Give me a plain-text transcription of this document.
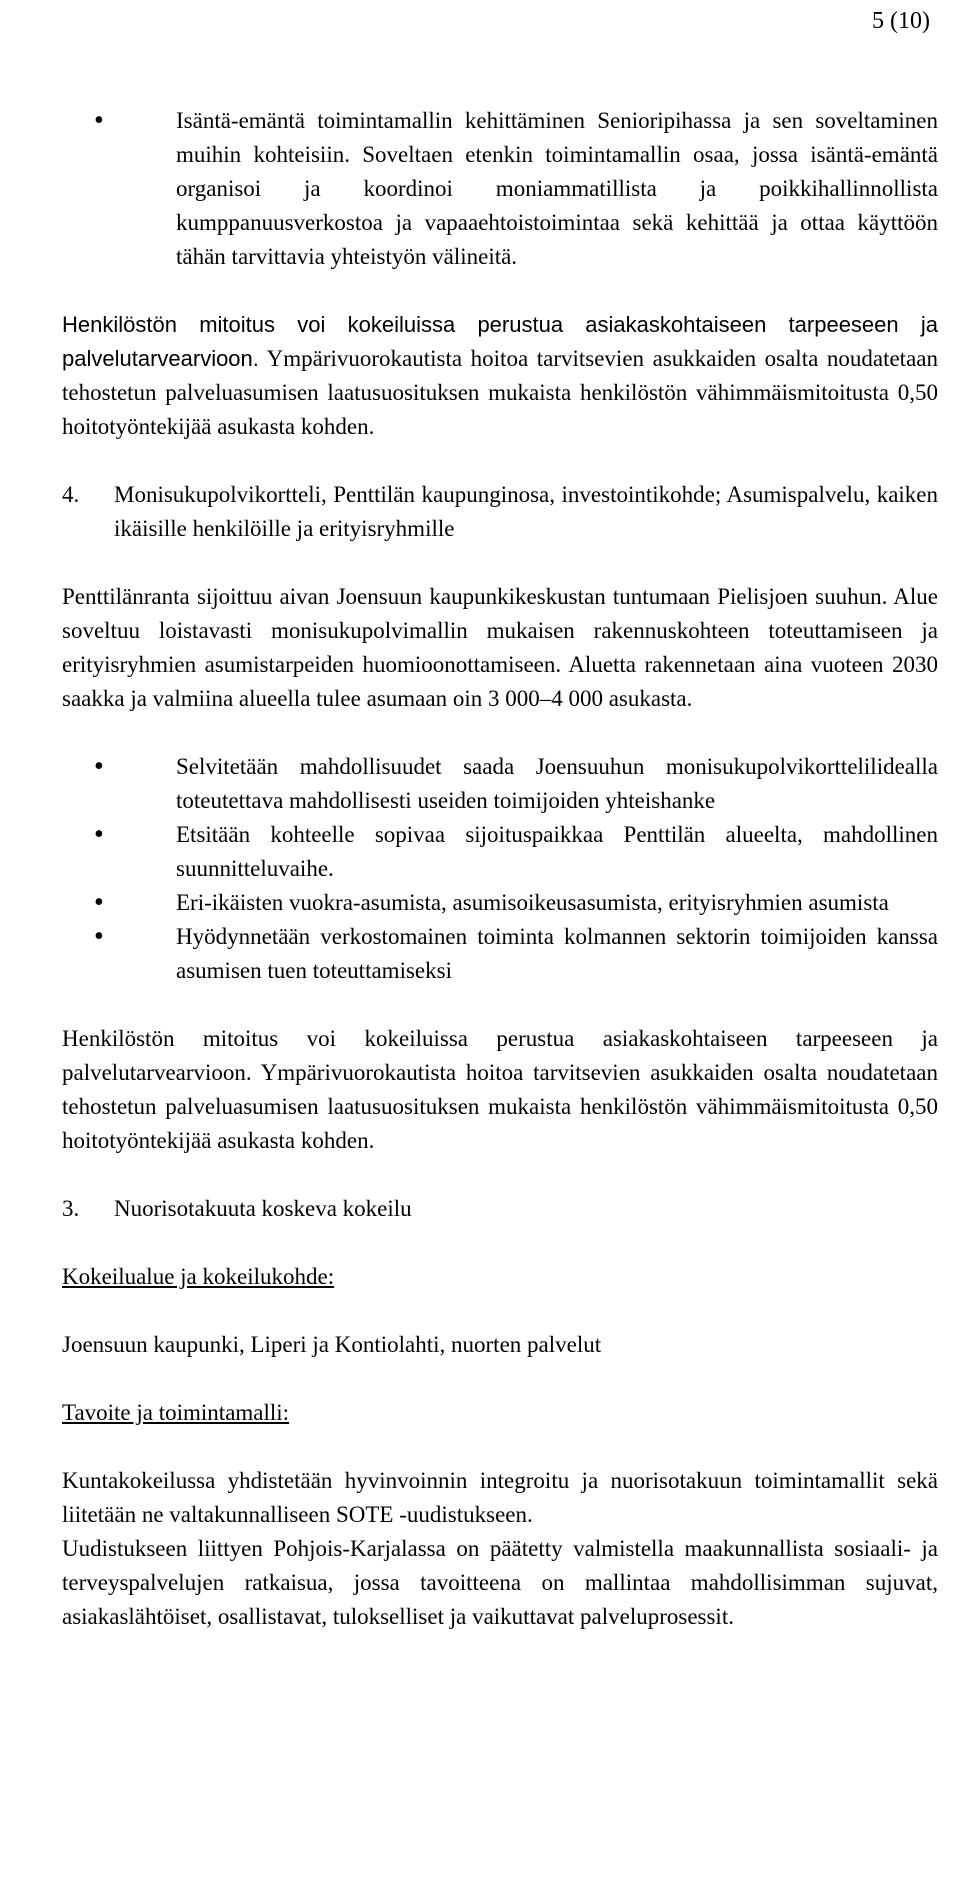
5 (10)
• Isäntä-emäntä toimintamallin kehittäminen Senioripihassa ja sen soveltaminen muihin kohteisiin. Soveltaen etenkin toimintamallin osaa, jossa isäntä-emäntä organisoi ja koordinoi moniammatillista ja poikkihallinnollista kumppanuusverkostoa ja vapaaehtoistoimintaa sekä kehittää ja ottaa käyttöön tähän tarvittavia yhteistyön välineitä.

Henkilöstön mitoitus voi kokeiluissa perustua asiakaskohtaiseen tarpeeseen ja palvelutarvearvioon. Ympärivuorokautista hoitoa tarvitsevien asukkaiden osalta noudatetaan tehostetun palveluasumisen laatusuosituksen mukaista henkilöstön vähimmäismitoitusta 0,50 hoitotyöntekijää asukasta kohden.

4. Monisukupolvikortteli, Penttilän kaupunginosa, investointikohde; Asumispalvelu, kaiken ikäisille henkilöille ja erityisryhmille

Penttilänranta sijoittuu aivan Joensuun kaupunkikeskustan tuntumaan Pielisjoen suuhun. Alue soveltuu loistavasti monisukupolvimallin mukaisen rakennuskohteen toteuttamiseen ja erityisryhmien asumistarpeiden huomioonottamiseen. Aluetta rakennetaan aina vuoteen 2030 saakka ja valmiina alueella tulee asumaan oin 3 000–4 000 asukasta.

• Selvitetään mahdollisuudet saada Joensuuhun monisukupolvikorttelilidealla toteutettava mahdollisesti useiden toimijoiden yhteishanke
• Etsitään kohteelle sopivaa sijoituspaikkaa Penttilän alueelta, mahdollinen suunnitteluvaihe.
• Eri-ikäisten vuokra-asumista, asumisoikeusasumista, erityisryhmien asumista
• Hyödynnetään verkostomainen toiminta kolmannen sektorin toimijoiden kanssa asumisen tuen toteuttamiseksi

Henkilöstön mitoitus voi kokeiluissa perustua asiakaskohtaiseen tarpeeseen ja palvelutarvearvioon. Ympärivuorokautista hoitoa tarvitsevien asukkaiden osalta noudatetaan tehostetun palveluasumisen laatusuosituksen mukaista henkilöstön vähimmäismitoitusta 0,50 hoitotyöntekijää asukasta kohden.

3. Nuorisotakuuta koskeva kokeilu

Kokeilualue ja kokeilukohde:

Joensuun kaupunki, Liperi ja Kontiolahti, nuorten palvelut

Tavoite ja toimintamalli:

Kuntakokeilussa yhdistetään hyvinvoinnin integroitu ja nuorisotakuun toimintamallit sekä liitetään ne valtakunnalliseen SOTE -uudistukseen.

Uudistukseen liittyen Pohjois-Karjalassa on päätetty valmistella maakunnallista sosiaali- ja terveyspalvelujen ratkaisua, jossa tavoitteena on mallintaa mahdollisimman sujuvat, asiakaslähtöiset, osallistavat, tulokselliset ja vaikuttavat palveluprosessit.
